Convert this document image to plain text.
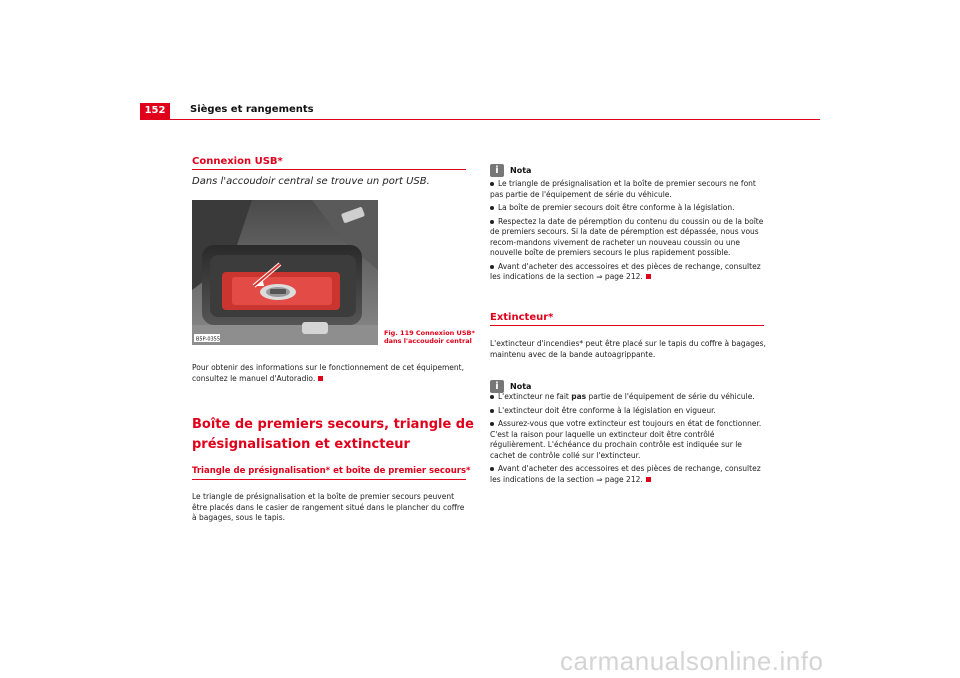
152	Sièges et rangements
Connexion USB*
Dans l'accoudoir central se trouve un port USB.
B5P-0355
Fig. 119 Connexion USB*
dans l'accoudoir central
Pour obtenir des informations sur le fonctionnement de cet équipement, consultez le manuel d'Autoradio.
Boîte de premiers secours, triangle de
présignalisation et extincteur
Triangle de présignalisation* et boîte de premier secours*
Le triangle de présignalisation et la boîte de premier secours peuvent être placés dans le casier de rangement situé dans le plancher du coffre à bagages, sous le tapis.
i Nota
Le triangle de présignalisation et la boîte de premier secours ne font pas partie de l'équipement de série du véhicule.
La boîte de premier secours doit être conforme à la législation.
Respectez la date de péremption du contenu du coussin ou de la boîte de premiers secours. Si la date de péremption est dépassée, nous vous recom-mandons vivement de racheter un nouveau coussin ou une nouvelle boîte de premiers secours le plus rapidement possible.
Avant d'acheter des accessoires et des pièces de rechange, consultez les indications de la section ⇒ page 212.
Extincteur*
L'extincteur d'incendies* peut être placé sur le tapis du coffre à bagages, maintenu avec de la bande autoagrippante.
i Nota
L'extincteur ne fait pas partie de l'équipement de série du véhicule.
L'extincteur doit être conforme à la législation en vigueur.
Assurez-vous que votre extincteur est toujours en état de fonctionner. C'est la raison pour laquelle un extincteur doit être contrôlé régulièrement. L'échéance du prochain contrôle est indiquée sur le cachet de contrôle collé sur l'extincteur.
Avant d'acheter des accessoires et des pièces de rechange, consultez les indications de la section ⇒ page 212.
carmanualsonline.info
